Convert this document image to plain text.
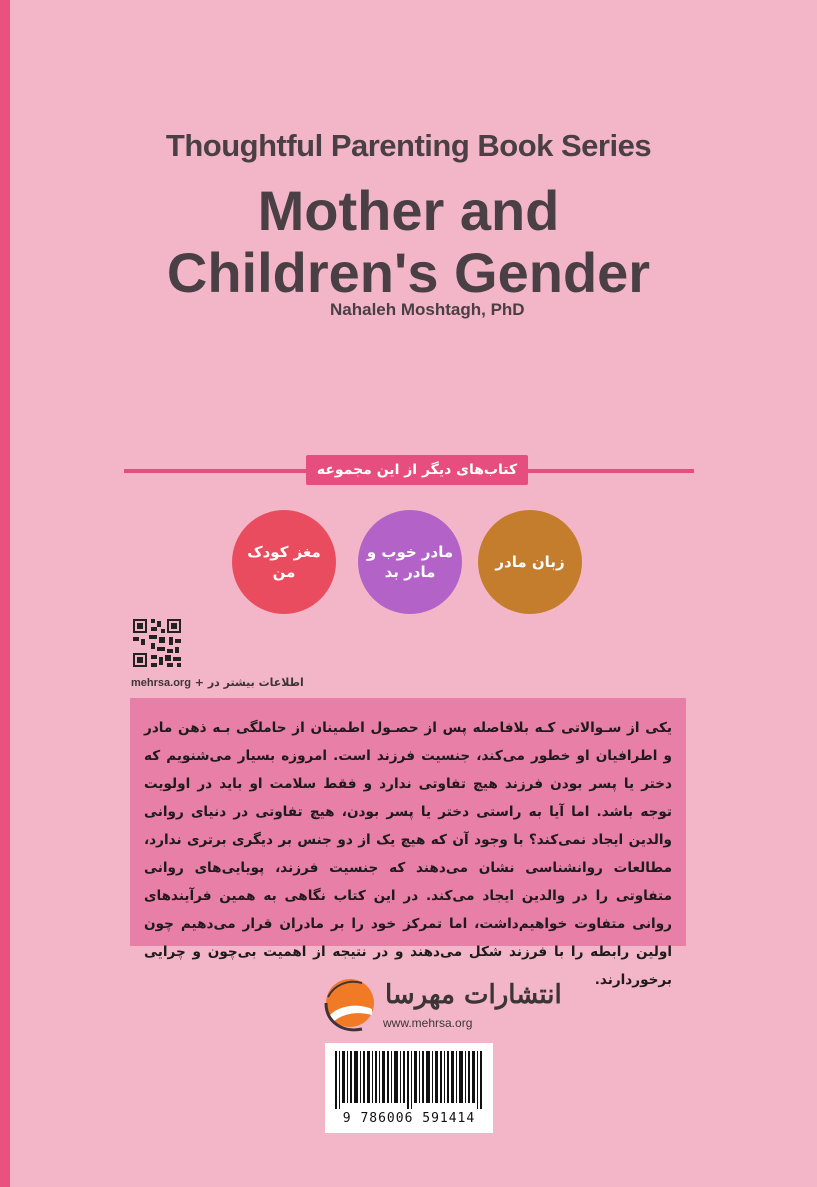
Thoughtful Parenting Book Series
Mother and
Children's Gender
Nahaleh Moshtagh, PhD
کتاب‌های دیگر از این مجموعه
زبان مادر
مادر خوب و مادر بد
مغز کودک من
mehrsa.org + اطلاعات بیشتر در
یکی از سـوالاتی کـه بلافاصله پس از حصـول اطمینان از حاملگی بـه ذهن مادر و اطرافیان او خطور می‌کند، جنسیت فرزند است. امروزه بسیار می‌شنویم که دختر یا پسر بودن فرزند هیچ تفاوتی ندارد و فقط سلامت او باید در اولویت توجه باشد. اما آیا به راستی دختر یا پسر بودن، هیچ تفاوتی در دنیای روانی والدین ایجاد نمی‌کند؟ با وجود آن که هیچ یک از دو جنس بر دیگری برتری ندارد، مطالعات روانشناسی نشان می‌دهند که جنسیت فرزند، پویایی‌های روانی متفاوتی را در والدین ایجاد می‌کند. در این کتاب نگاهی به همین فرآیندهای روانی متفاوت خواهیم‌داشت، اما تمرکز خود را بر مادران قرار می‌دهیم چون اولین رابطه را با فرزند شکل می‌دهند و در نتیجه از اهمیت بی‌چون و چرایی برخوردارند.
انتشارات مهرسا
www.mehrsa.org
9 786006 591414
